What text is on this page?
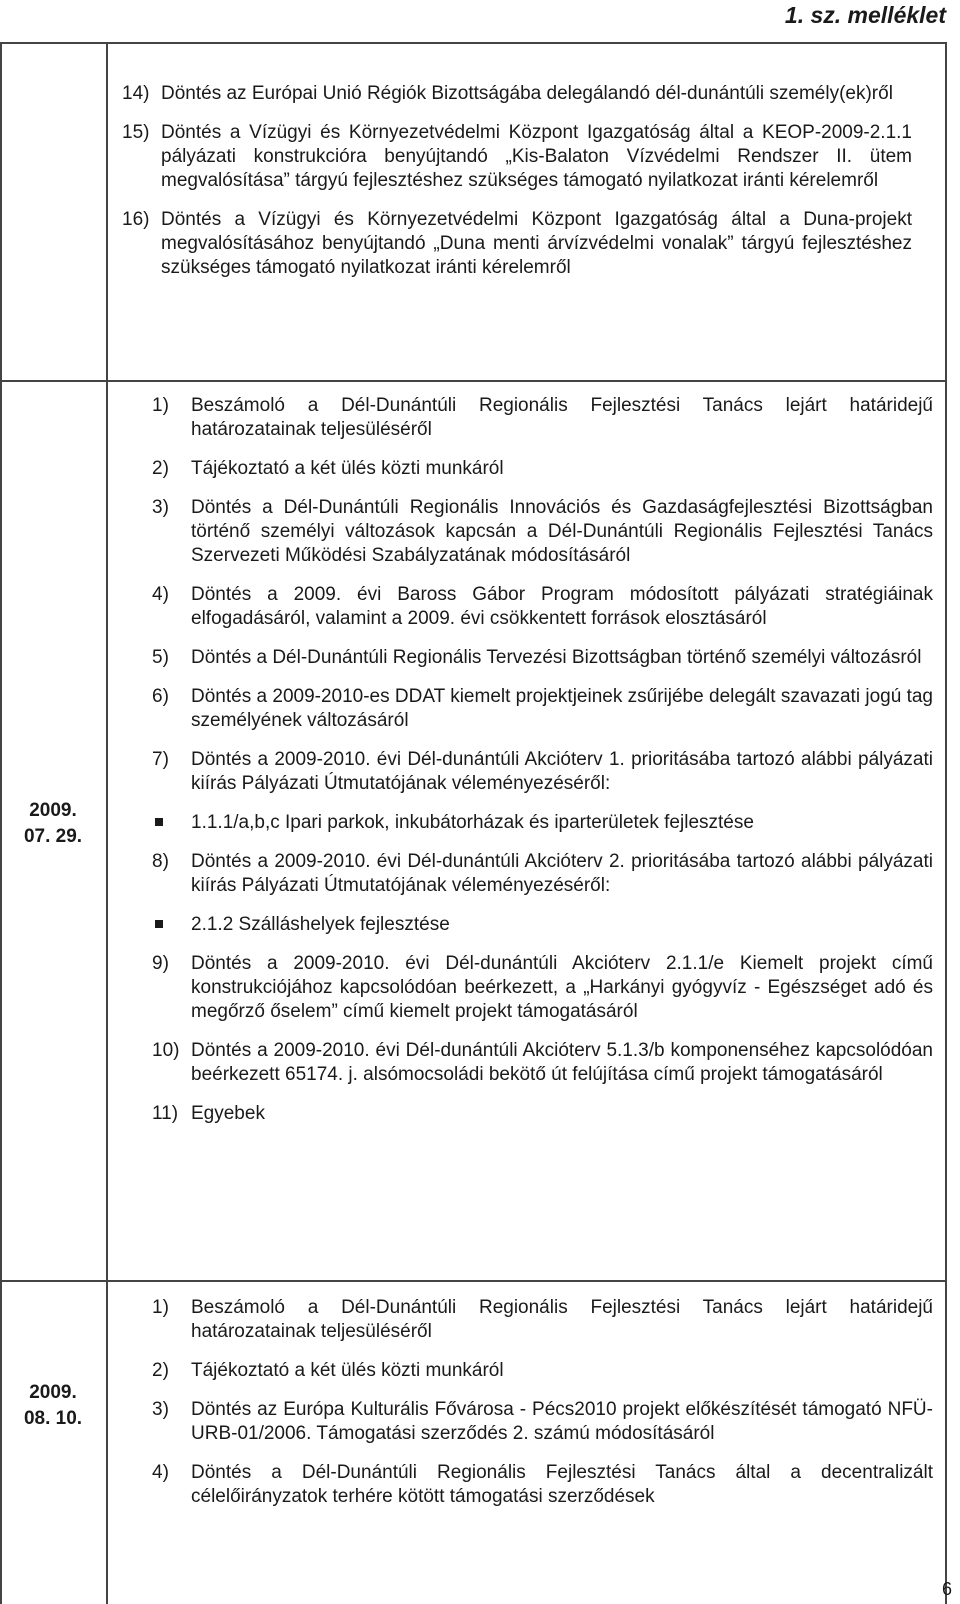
1. sz. melléklet
14) Döntés az Európai Unió Régiók Bizottságába delegálandó dél-dunántúli személy(ek)ről
15) Döntés a Vízügyi és Környezetvédelmi Központ Igazgatóság által a KEOP-2009-2.1.1 pályázati konstrukcióra benyújtandó „Kis-Balaton Vízvédelmi Rendszer II. ütem megvalósítása” tárgyú fejlesztéshez szükséges támogató nyilatkozat iránti kérelemről
16) Döntés a Vízügyi és Környezetvédelmi Központ Igazgatóság által a Duna-projekt megvalósításához benyújtandó „Duna menti árvízvédelmi vonalak” tárgyú fejlesztéshez szükséges támogató nyilatkozat iránti kérelemről
2009.
07. 29.
1) Beszámoló a Dél-Dunántúli Regionális Fejlesztési Tanács lejárt határidejű határozatainak teljesüléséről
2) Tájékoztató a két ülés közti munkáról
3) Döntés a Dél-Dunántúli Regionális Innovációs és Gazdaságfejlesztési Bizottságban történő személyi változások kapcsán a Dél-Dunántúli Regionális Fejlesztési Tanács Szervezeti Működési Szabályzatának módosításáról
4) Döntés a 2009. évi Baross Gábor Program módosított pályázati stratégiáinak elfogadásáról, valamint a 2009. évi csökkentett források elosztásáról
5) Döntés a Dél-Dunántúli Regionális Tervezési Bizottságban történő személyi változásról
6) Döntés a 2009-2010-es DDAT kiemelt projektjeinek zsűrijébe delegált szavazati jogú tag személyének változásáról
7) Döntés a 2009-2010. évi Dél-dunántúli Akcióterv 1. prioritásába tartozó alábbi pályázati kiírás Pályázati Útmutatójának véleményezéséről:
1.1.1/a,b,c Ipari parkok, inkubátorházak és iparterületek fejlesztése
8) Döntés a 2009-2010. évi Dél-dunántúli Akcióterv 2. prioritásába tartozó alábbi pályázati kiírás Pályázati Útmutatójának véleményezéséről:
2.1.2 Szálláshelyek fejlesztése
9) Döntés a 2009-2010. évi Dél-dunántúli Akcióterv 2.1.1/e Kiemelt projekt című konstrukciójához kapcsolódóan beérkezett, a „Harkányi gyógyvíz - Egészséget adó és megőrző őselem” című kiemelt projekt támogatásáról
10) Döntés a 2009-2010. évi Dél-dunántúli Akcióterv 5.1.3/b komponenséhez kapcsolódóan beérkezett 65174. j. alsómocsoládi bekötő út felújítása című projekt támogatásáról
11) Egyebek
2009.
08. 10.
1) Beszámoló a Dél-Dunántúli Regionális Fejlesztési Tanács lejárt határidejű határozatainak teljesüléséről
2) Tájékoztató a két ülés közti munkáról
3) Döntés az Európa Kulturális Fővárosa - Pécs2010 projekt előkészítését támogató NFÜ- URB-01/2006. Támogatási szerződés 2. számú módosításáról
4) Döntés a Dél-Dunántúli Regionális Fejlesztési Tanács által a decentralizált célelőirányzatok terhére kötött támogatási szerződések
6
